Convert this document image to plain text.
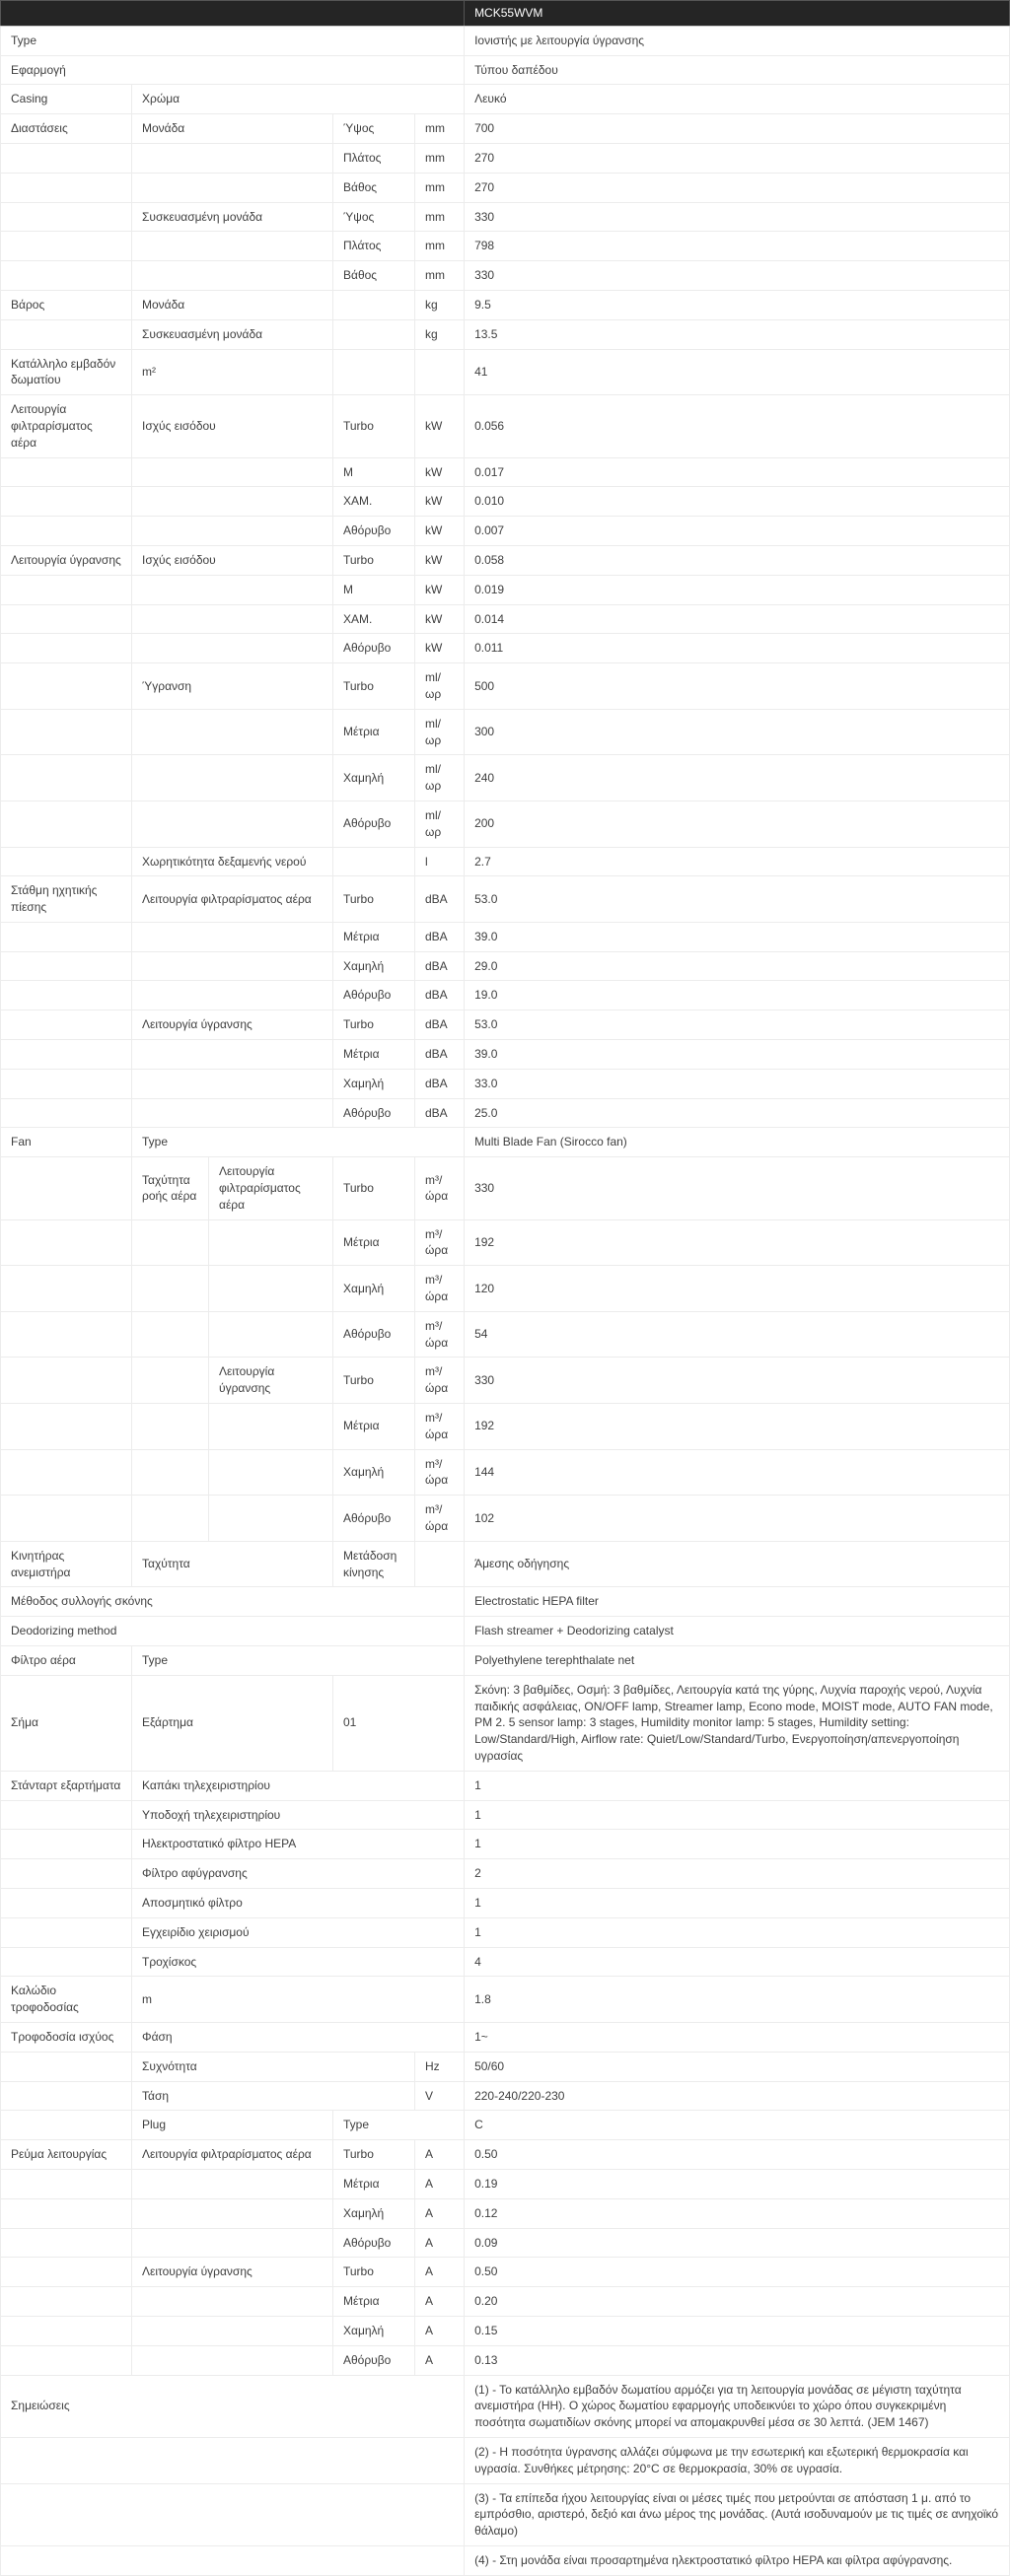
					MCK55WVM
Type					Ιονιστής με λειτουργία ύγρανσης
Εφαρμογή					Τύπου δαπέδου
Casing	Χρώμα				Λευκό
Διαστάσεις	Μονάδα		Ύψος	mm	700
			Πλάτος	mm	270
			Βάθος	mm	270
	Συσκευασμένη μονάδα		Ύψος	mm	330
			Πλάτος	mm	798
			Βάθος	mm	330
Βάρος	Μονάδα			kg	9.5
	Συσκευασμένη μονάδα			kg	13.5
Κατάλληλο εμβαδόν δωματίου	m²				41
Λειτουργία φιλτραρίσματος αέρα	Ισχύς εισόδου		Turbo	kW	0.056
			M	kW	0.017
			ΧΑΜ.	kW	0.010
			Αθόρυβο	kW	0.007
Λειτουργία ύγρανσης	Ισχύς εισόδου		Turbo	kW	0.058
			M	kW	0.019
			ΧΑΜ.	kW	0.014
			Αθόρυβο	kW	0.011
	Ύγρανση		Turbo	ml/ωρ	500
			Μέτρια	ml/ωρ	300
			Χαμηλή	ml/ωρ	240
			Αθόρυβο	ml/ωρ	200
	Χωρητικότητα δεξαμενής νερού			l	2.7
Στάθμη ηχητικής πίεσης	Λειτουργία φιλτραρίσματος αέρα		Turbo	dBA	53.0
			Μέτρια	dBA	39.0
			Χαμηλή	dBA	29.0
			Αθόρυβο	dBA	19.0
	Λειτουργία ύγρανσης		Turbo	dBA	53.0
			Μέτρια	dBA	39.0
			Χαμηλή	dBA	33.0
			Αθόρυβο	dBA	25.0
Fan	Type				Multi Blade Fan (Sirocco fan)
	Ταχύτητα ροής αέρα	Λειτουργία φιλτραρίσματος αέρα	Turbo	m³/ώρα	330
			Μέτρια	m³/ώρα	192
			Χαμηλή	m³/ώρα	120
			Αθόρυβο	m³/ώρα	54
		Λειτουργία ύγρανσης	Turbo	m³/ώρα	330
			Μέτρια	m³/ώρα	192
			Χαμηλή	m³/ώρα	144
			Αθόρυβο	m³/ώρα	102
Κινητήρας ανεμιστήρα	Ταχύτητα		Μετάδοση κίνησης		Άμεσης οδήγησης
Μέθοδος συλλογής σκόνης					Electrostatic HEPA filter
Deodorizing method					Flash streamer + Deodorizing catalyst
Φίλτρο αέρα	Type				Polyethylene terephthalate net
Σήμα	Εξάρτημα		01		Σκόνη: 3 βαθμίδες, Οσμή: 3 βαθμίδες, Λειτουργία κατά της γύρης, Λυχνία παροχής νερού, Λυχνία παιδικής ασφάλειας, ON/OFF lamp, Streamer lamp, Econo mode, MOIST mode, AUTO FAN mode, PM 2. 5 sensor lamp: 3 stages, Humildity monitor lamp: 5 stages, Humildity setting: Low/Standard/High, Airflow rate: Quiet/Low/Standard/Turbo, Ενεργοποίηση/απενεργοποίηση υγρασίας
Στάνταρτ εξαρτήματα	Καπάκι τηλεχειριστηρίου				1
	Υποδοχή τηλεχειριστηρίου				1
	Ηλεκτροστατικό φίλτρο HEPA				1
	Φίλτρο αφύγρανσης				2
	Αποσμητικό φίλτρο				1
	Εγχειρίδιο χειρισμού				1
	Τροχίσκος				4
Καλώδιο τροφοδοσίας	m				1.8
Τροφοδοσία ισχύος	Φάση				1~
	Συχνότητα			Hz	50/60
	Τάση			V	220-240/220-230
	Plug		Type		C
Ρεύμα λειτουργίας	Λειτουργία φιλτραρίσματος αέρα		Turbo	A	0.50
			Μέτρια	A	0.19
			Χαμηλή	A	0.12
			Αθόρυβο	A	0.09
	Λειτουργία ύγρανσης		Turbo	A	0.50
			Μέτρια	A	0.20
			Χαμηλή	A	0.15
			Αθόρυβο	A	0.13
Σημειώσεις					(1) - Το κατάλληλο εμβαδόν δωματίου αρμόζει για τη λειτουργία μονάδας σε μέγιστη ταχύτητα ανεμιστήρα (HH). Ο χώρος δωματίου εφαρμογής υποδεικνύει το χώρο όπου συγκεκριμένη ποσότητα σωματιδίων σκόνης μπορεί να απομακρυνθεί μέσα σε 30 λεπτά. (JEM 1467)
					(2) - Η ποσότητα ύγρανσης αλλάζει σύμφωνα με την εσωτερική και εξωτερική θερμοκρασία και υγρασία. Συνθήκες μέτρησης: 20°C σε θερμοκρασία, 30% σε υγρασία.
					(3) - Τα επίπεδα ήχου λειτουργίας είναι οι μέσες τιμές που μετρούνται σε απόσταση 1 μ. από το εμπρόσθιο, αριστερό, δεξιό και άνω μέρος της μονάδας. (Αυτά ισοδυναμούν με τις τιμές σε ανηχοϊκό θάλαμο)
					(4) - Στη μονάδα είναι προσαρτημένα ηλεκτροστατικό φίλτρο HEPA και φίλτρα αφύγρανσης.
